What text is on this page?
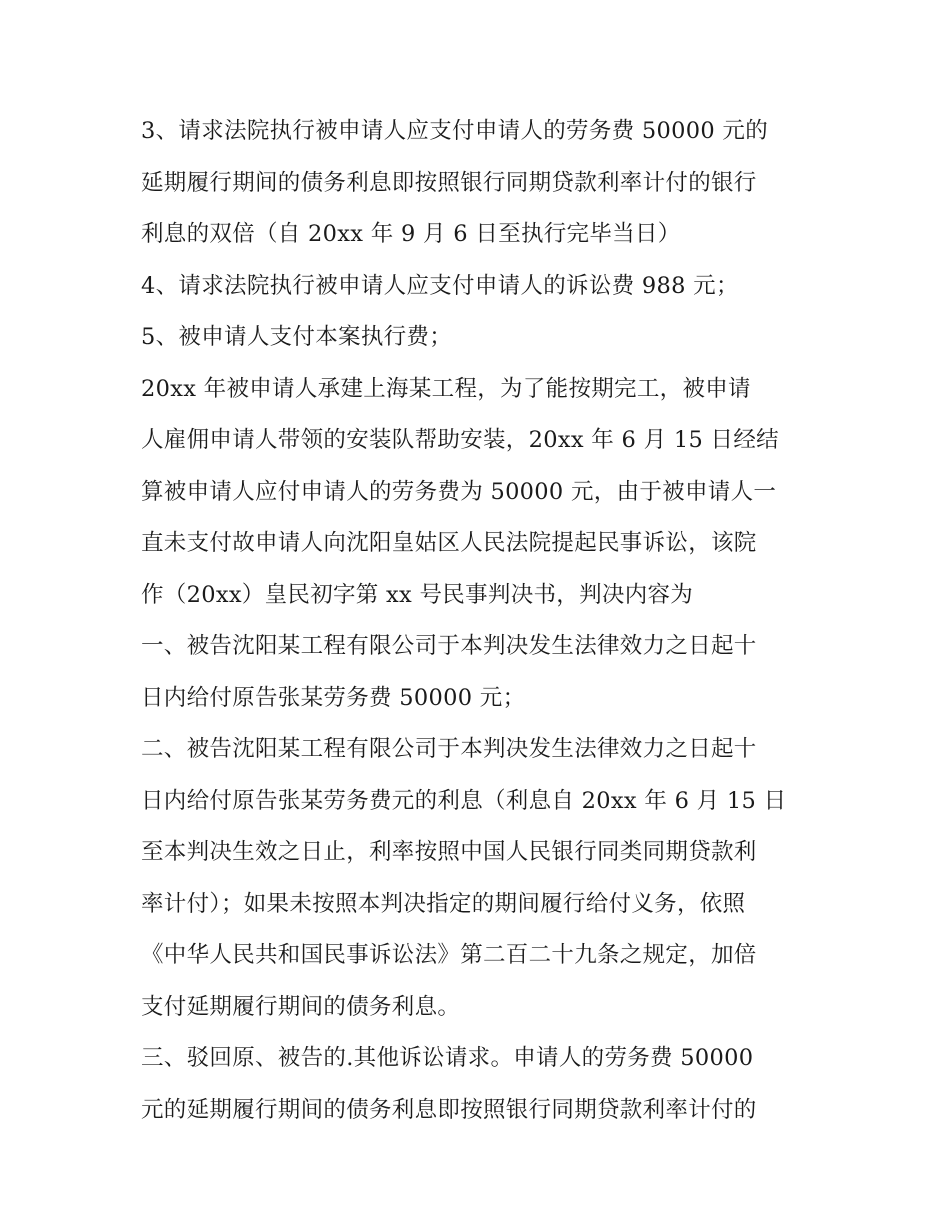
3、请求法院执行被申请人应支付申请人的劳务费 50000 元的
延期履行期间的债务利息即按照银行同期贷款利率计付的银行
利息的双倍（自 20xx 年 9 月 6 日至执行完毕当日）
4、请求法院执行被申请人应支付申请人的诉讼费 988 元；
5、被申请人支付本案执行费；
20xx 年被申请人承建上海某工程，为了能按期完工，被申请
人雇佣申请人带领的安装队帮助安装，20xx 年 6 月 15 日经结
算被申请人应付申请人的劳务费为 50000 元，由于被申请人一
直未支付故申请人向沈阳皇姑区人民法院提起民事诉讼，该院
作（20xx）皇民初字第 xx 号民事判决书，判决内容为
一、被告沈阳某工程有限公司于本判决发生法律效力之日起十
日内给付原告张某劳务费 50000 元；
二、被告沈阳某工程有限公司于本判决发生法律效力之日起十
日内给付原告张某劳务费元的利息（利息自 20xx 年 6 月 15 日
至本判决生效之日止，利率按照中国人民银行同类同期贷款利
率计付）；如果未按照本判决指定的期间履行给付义务，依照
《中华人民共和国民事诉讼法》第二百二十九条之规定，加倍
支付延期履行期间的债务利息。
三、驳回原、被告的.其他诉讼请求。申请人的劳务费 50000
元的延期履行期间的债务利息即按照银行同期贷款利率计付的
